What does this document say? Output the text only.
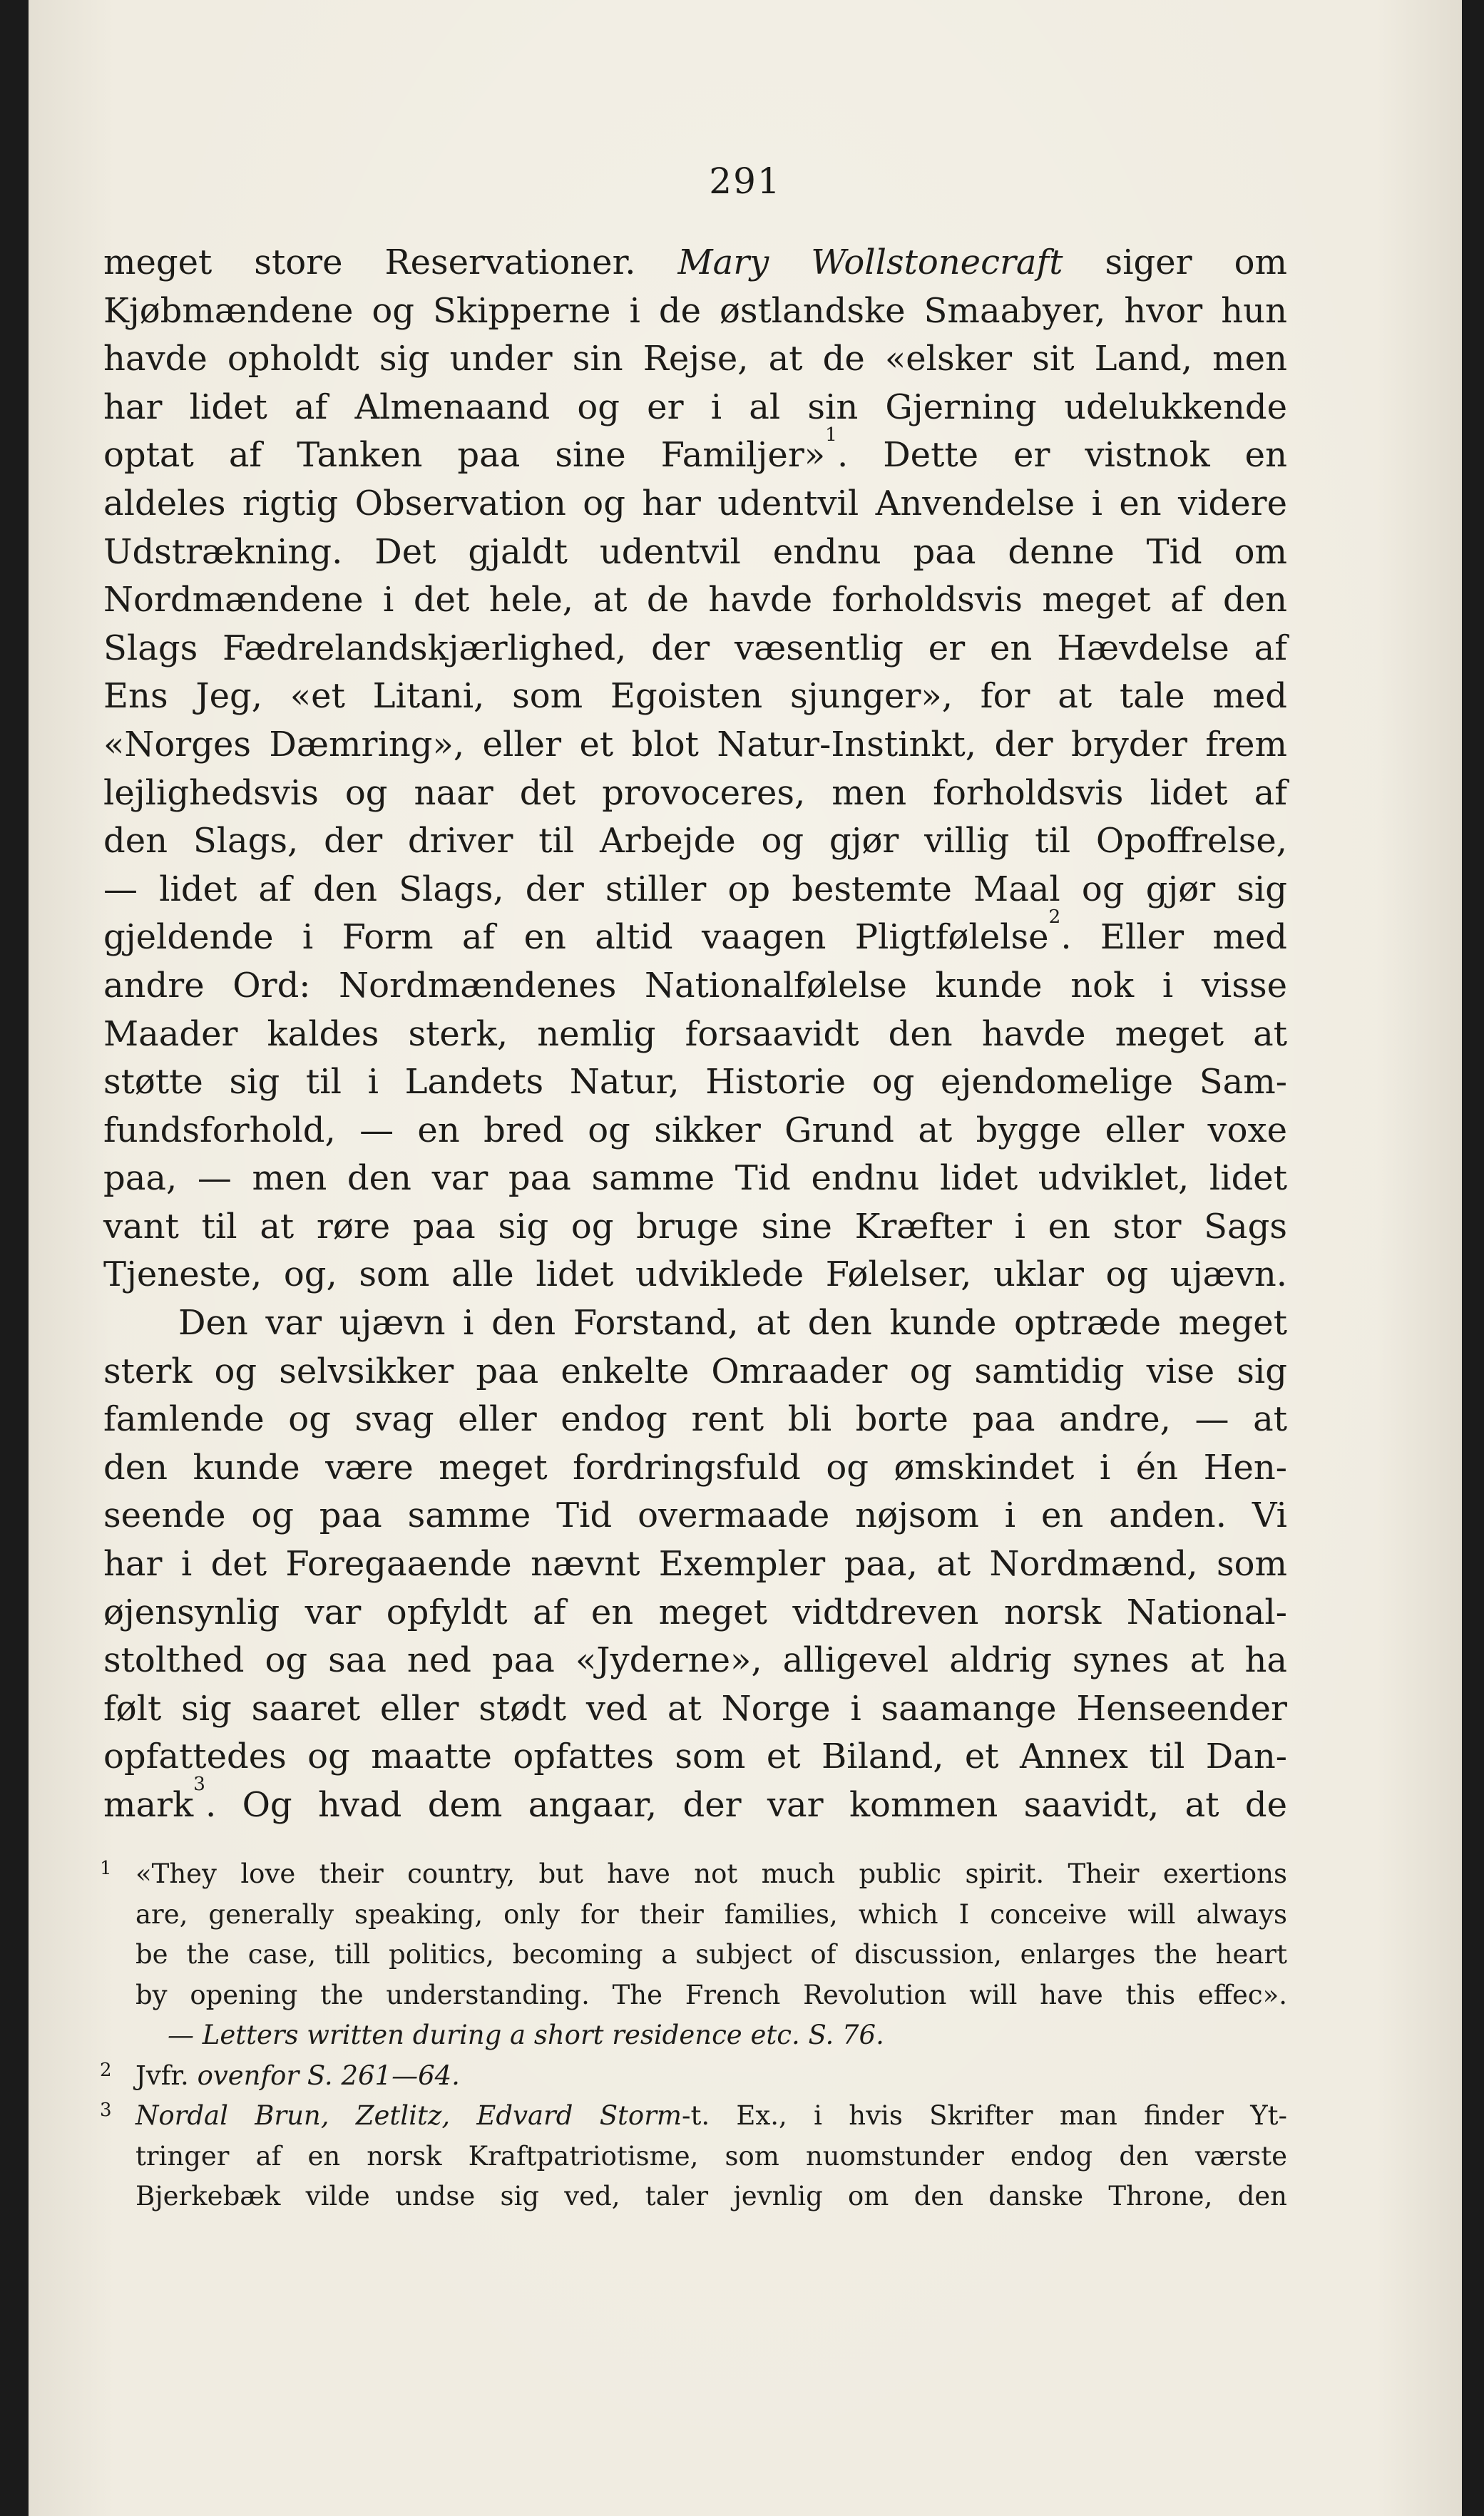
291
meget store Reservationer. Mary Wollstonecraft siger om
Kjøbmændene og Skipperne i de østlandske Smaabyer, hvor hun
havde opholdt sig under sin Rejse, at de «elsker sit Land, men
har lidet af Almenaand og er i al sin Gjerning udelukkende
optat af Tanken paa sine Familjer»$^1$. Dette er vistnok en
aldeles rigtig Observation og har udentvil Anvendelse i en videre
Udstrækning. Det gjaldt udentvil endnu paa denne Tid om
Nordmændene i det hele, at de havde forholdsvis meget af den
Slags Fædrelandskjærlighed, der væsentlig er en Hævdelse af
Ens Jeg, «et Litani, som Egoisten sjunger», for at tale med
«Norges Dæmring», eller et blot Natur-Instinkt, der bryder frem
lejlighedsvis og naar det provoceres, men forholdsvis lidet af
den Slags, der driver til Arbejde og gjør villig til Opoffrelse,
— lidet af den Slags, der stiller op bestemte Maal og gjør sig
gjeldende i Form af en altid vaagen Pligtfølelse$^2$. Eller med
andre Ord: Nordmændenes Nationalfølelse kunde nok i visse
Maader kaldes sterk, nemlig forsaavidt den havde meget at
støtte sig til i Landets Natur, Historie og ejendomelige Sam-
fundsforhold, — en bred og sikker Grund at bygge eller voxe
paa, — men den var paa samme Tid endnu lidet udviklet, lidet
vant til at røre paa sig og bruge sine Kræfter i en stor Sags
Tjeneste, og, som alle lidet udviklede Følelser, uklar og ujævn.
Den var ujævn i den Forstand, at den kunde optræde meget
sterk og selvsikker paa enkelte Omraader og samtidig vise sig
famlende og svag eller endog rent bli borte paa andre, — at
den kunde være meget fordringsfuld og ømskindet i én Hen-
seende og paa samme Tid overmaade nøjsom i en anden. Vi
har i det Foregaaende nævnt Exempler paa, at Nordmænd, som
øjensynlig var opfyldt af en meget vidtdreven norsk National-
stolthed og saa ned paa «Jyderne», alligevel aldrig synes at ha
følt sig saaret eller stødt ved at Norge i saamange Henseender
opfattedes og maatte opfattes som et Biland, et Annex til Dan-
mark$^3$. Og hvad dem angaar, der var kommen saavidt, at de
1 «They love their country, but have not much public spirit. Their exertions
are, generally speaking, only for their families, which I conceive will always
be the case, till politics, becoming a subject of discussion, enlarges the heart
by opening the understanding. The French Revolution will have this effec».
— Letters written during a short residence etc. S. 76.
2 Jvfr. ovenfor S. 261—64.
3 Nordal Brun, Zetlitz, Edvard Storm-t. Ex., i hvis Skrifter man finder Yt-
tringer af en norsk Kraftpatriotisme, som nuomstunder endog den værste
Bjerkebæk vilde undse sig ved, taler jevnlig om den danske Throne, den
